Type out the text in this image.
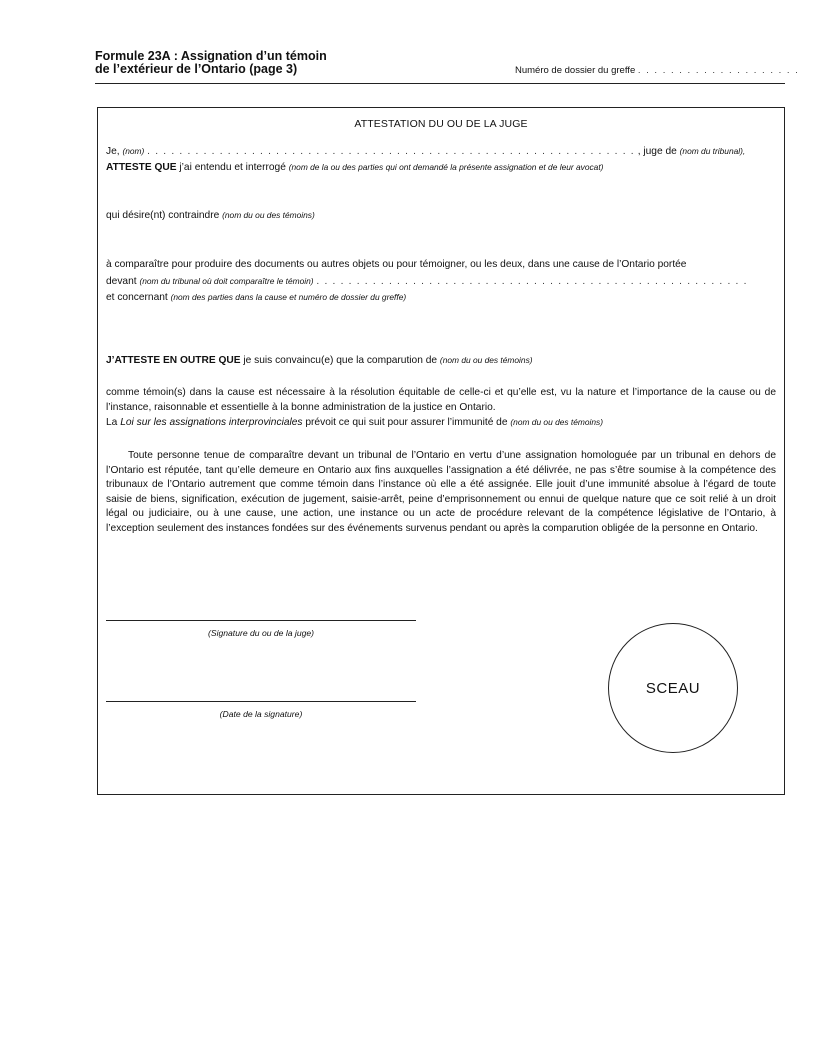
Formule 23A : Assignation d’un témoin
de l’extérieur de l’Ontario (page 3)	Numéro de dossier du greffe . . . . . . . . . . . . . . . . . . . .
ATTESTATION DU OU DE LA JUGE
Je, (nom) . . . . . . . . . . . . . . . . . . . . . . . . . . . . . . . . . . . . . . . . . . . . . . . . . . . . . . . . . . . . . , juge de (nom du tribunal),
ATTESTE QUE j’ai entendu et interrogé (nom de la ou des parties qui ont demandé la présente assignation et de leur avocat)
qui désire(nt) contraindre (nom du ou des témoins)
à comparaître pour produire des documents ou autres objets ou pour témoigner, ou les deux, dans une cause de l’Ontario portée
devant (nom du tribunal où doit comparaître le témoin) . . . . . . . . . . . . . . . . . . . . . . . . . . . . . . . . . . . . . . . . . . . . . . . . . . . . . .
et concernant (nom des parties dans la cause et numéro de dossier du greffe)
J’ATTESTE EN OUTRE QUE je suis convaincu(e) que la comparution de (nom du ou des témoins)
comme témoin(s) dans la cause est nécessaire à la résolution équitable de celle-ci et qu’elle est, vu la nature et l’importance de la cause ou de l’instance, raisonnable et essentielle à la bonne administration de la justice en Ontario.
La Loi sur les assignations interprovinciales prévoit ce qui suit pour assurer l’immunité de (nom du ou des témoins)
Toute personne tenue de comparaître devant un tribunal de l’Ontario en vertu d’une assignation homologuée par un tribunal en dehors de l’Ontario est réputée, tant qu’elle demeure en Ontario aux fins auxquelles l’assignation a été délivrée, ne pas s’être soumise à la compétence des tribunaux de l’Ontario autrement que comme témoin dans l’instance où elle a été assignée. Elle jouit d’une immunité absolue à l’égard de toute saisie de biens, signification, exécution de jugement, saisie-arrêt, peine d’emprisonnement ou ennui de quelque nature que ce soit relié à un droit légal ou judiciaire, ou à une cause, une action, une instance ou un acte de procédure relevant de la compétence législative de l’Ontario, à l’exception seulement des instances fondées sur des événements survenus pendant ou après la comparution obligée de la personne en Ontario.
(Signature du ou de la juge)
(Date de la signature)
SCEAU
